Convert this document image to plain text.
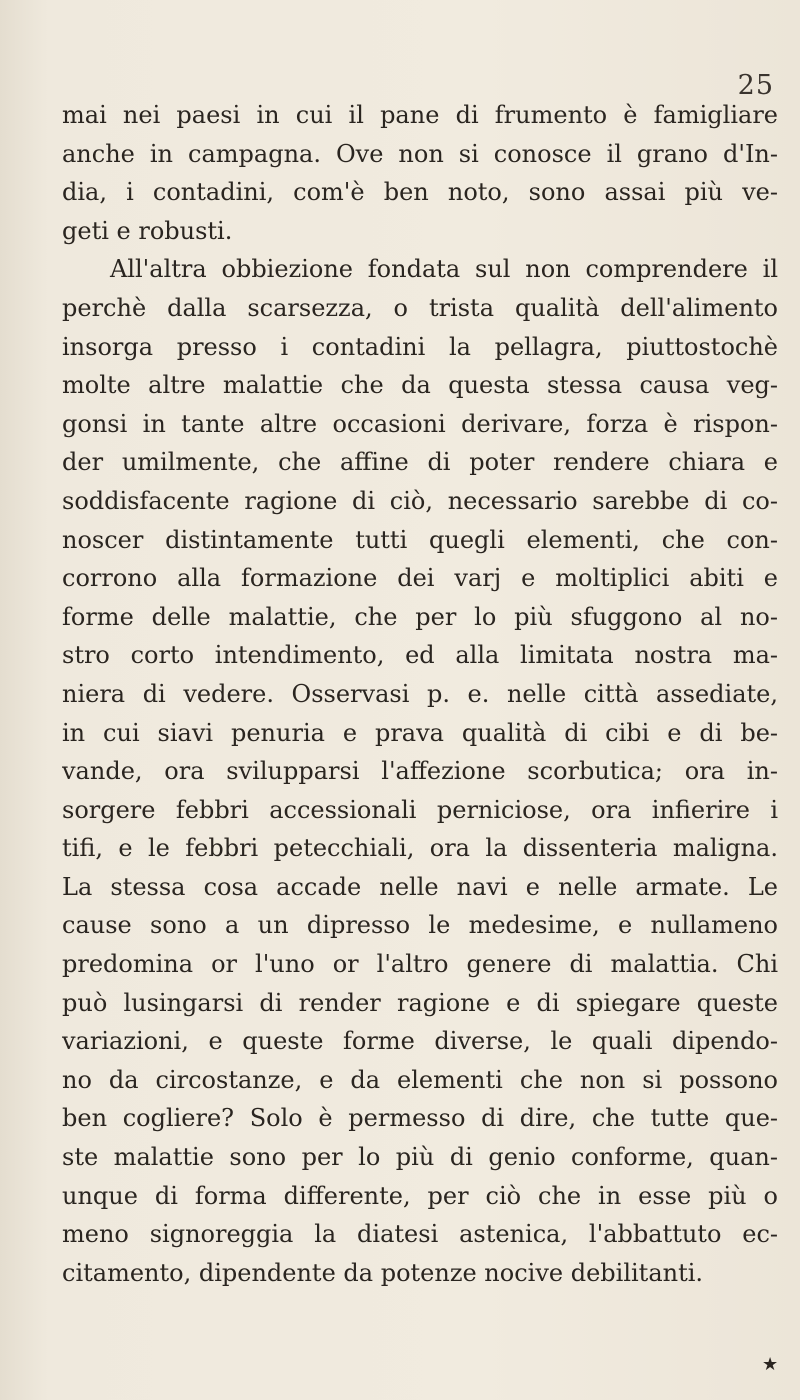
25
mai nei paesi in cui il pane di frumento è famigliare
anche in campagna. Ove non si conosce il grano d'In-
dia, i contadini, com'è ben noto, sono assai più ve-
geti e robusti.
All'altra obbiezione fondata sul non comprendere il
perchè dalla scarsezza, o trista qualità dell'alimento
insorga presso i contadini la pellagra, piuttostochè
molte altre malattie che da questa stessa causa veg-
gonsi in tante altre occasioni derivare, forza è rispon-
der umilmente, che affine di poter rendere chiara e
soddisfacente ragione di ciò, necessario sarebbe di co-
noscer distintamente tutti quegli elementi, che con-
corrono alla formazione dei varj e moltiplici abiti e
forme delle malattie, che per lo più sfuggono al no-
stro corto intendimento, ed alla limitata nostra ma-
niera di vedere. Osservasi p. e. nelle città assediate,
in cui siavi penuria e prava qualità di cibi e di be-
vande, ora svilupparsi l'affezione scorbutica; ora in-
sorgere febbri accessionali perniciose, ora infierire i
tifi, e le febbri petecchiali, ora la dissenteria maligna.
La stessa cosa accade nelle navi e nelle armate. Le
cause sono a un dipresso le medesime, e nullameno
predomina or l'uno or l'altro genere di malattia. Chi
può lusingarsi di render ragione e di spiegare queste
variazioni, e queste forme diverse, le quali dipendo-
no da circostanze, e da elementi che non si possono
ben cogliere? Solo è permesso di dire, che tutte que-
ste malattie sono per lo più di genio conforme, quan-
unque di forma differente, per ciò che in esse più o
meno signoreggia la diatesi astenica, l'abbattuto ec-
citamento, dipendente da potenze nocive debilitanti.
★
